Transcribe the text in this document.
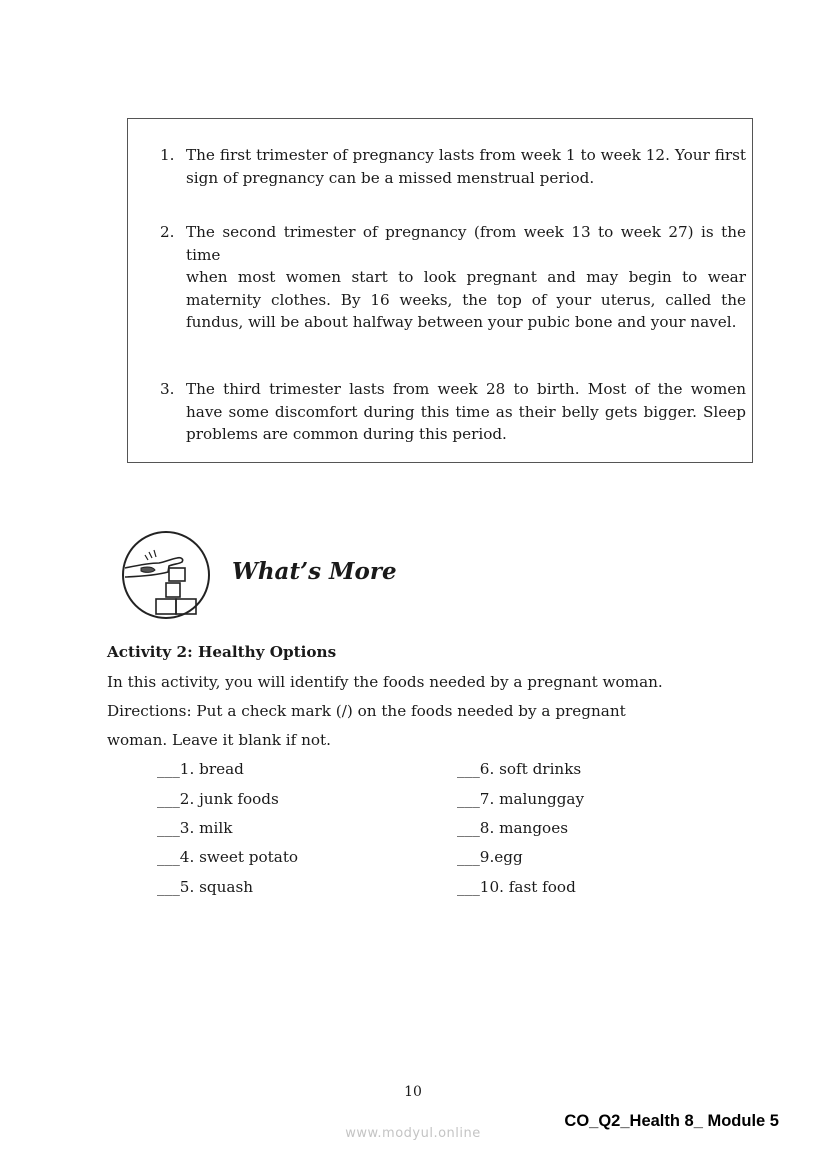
1. The first trimester of pregnancy lasts from week 1 to week 12. Your first sign of pregnancy can be a missed menstrual period.
2. The second trimester of pregnancy (from week 13 to week 27) is the time
when most women start to look pregnant and may begin to wear maternity clothes. By 16 weeks, the top of your uterus, called the fundus, will be about halfway between your pubic bone and your navel.
3. The third trimester lasts from week 28 to birth. Most of the women have some discomfort during this time as their belly gets bigger. Sleep problems are common during this period.
What’s More
Activity 2: Healthy Options
In this activity, you will identify the foods needed by a pregnant woman.
Directions: Put a check mark (/) on the foods needed by a pregnant
woman. Leave it blank if not.
___1. bread
___2. junk foods
___3. milk
___4. sweet potato
___5. squash
___6. soft drinks
___7. malunggay
___8. mangoes
___9.egg
___10. fast food
10
CO_Q2_Health 8_ Module 5
www.modyul.online
